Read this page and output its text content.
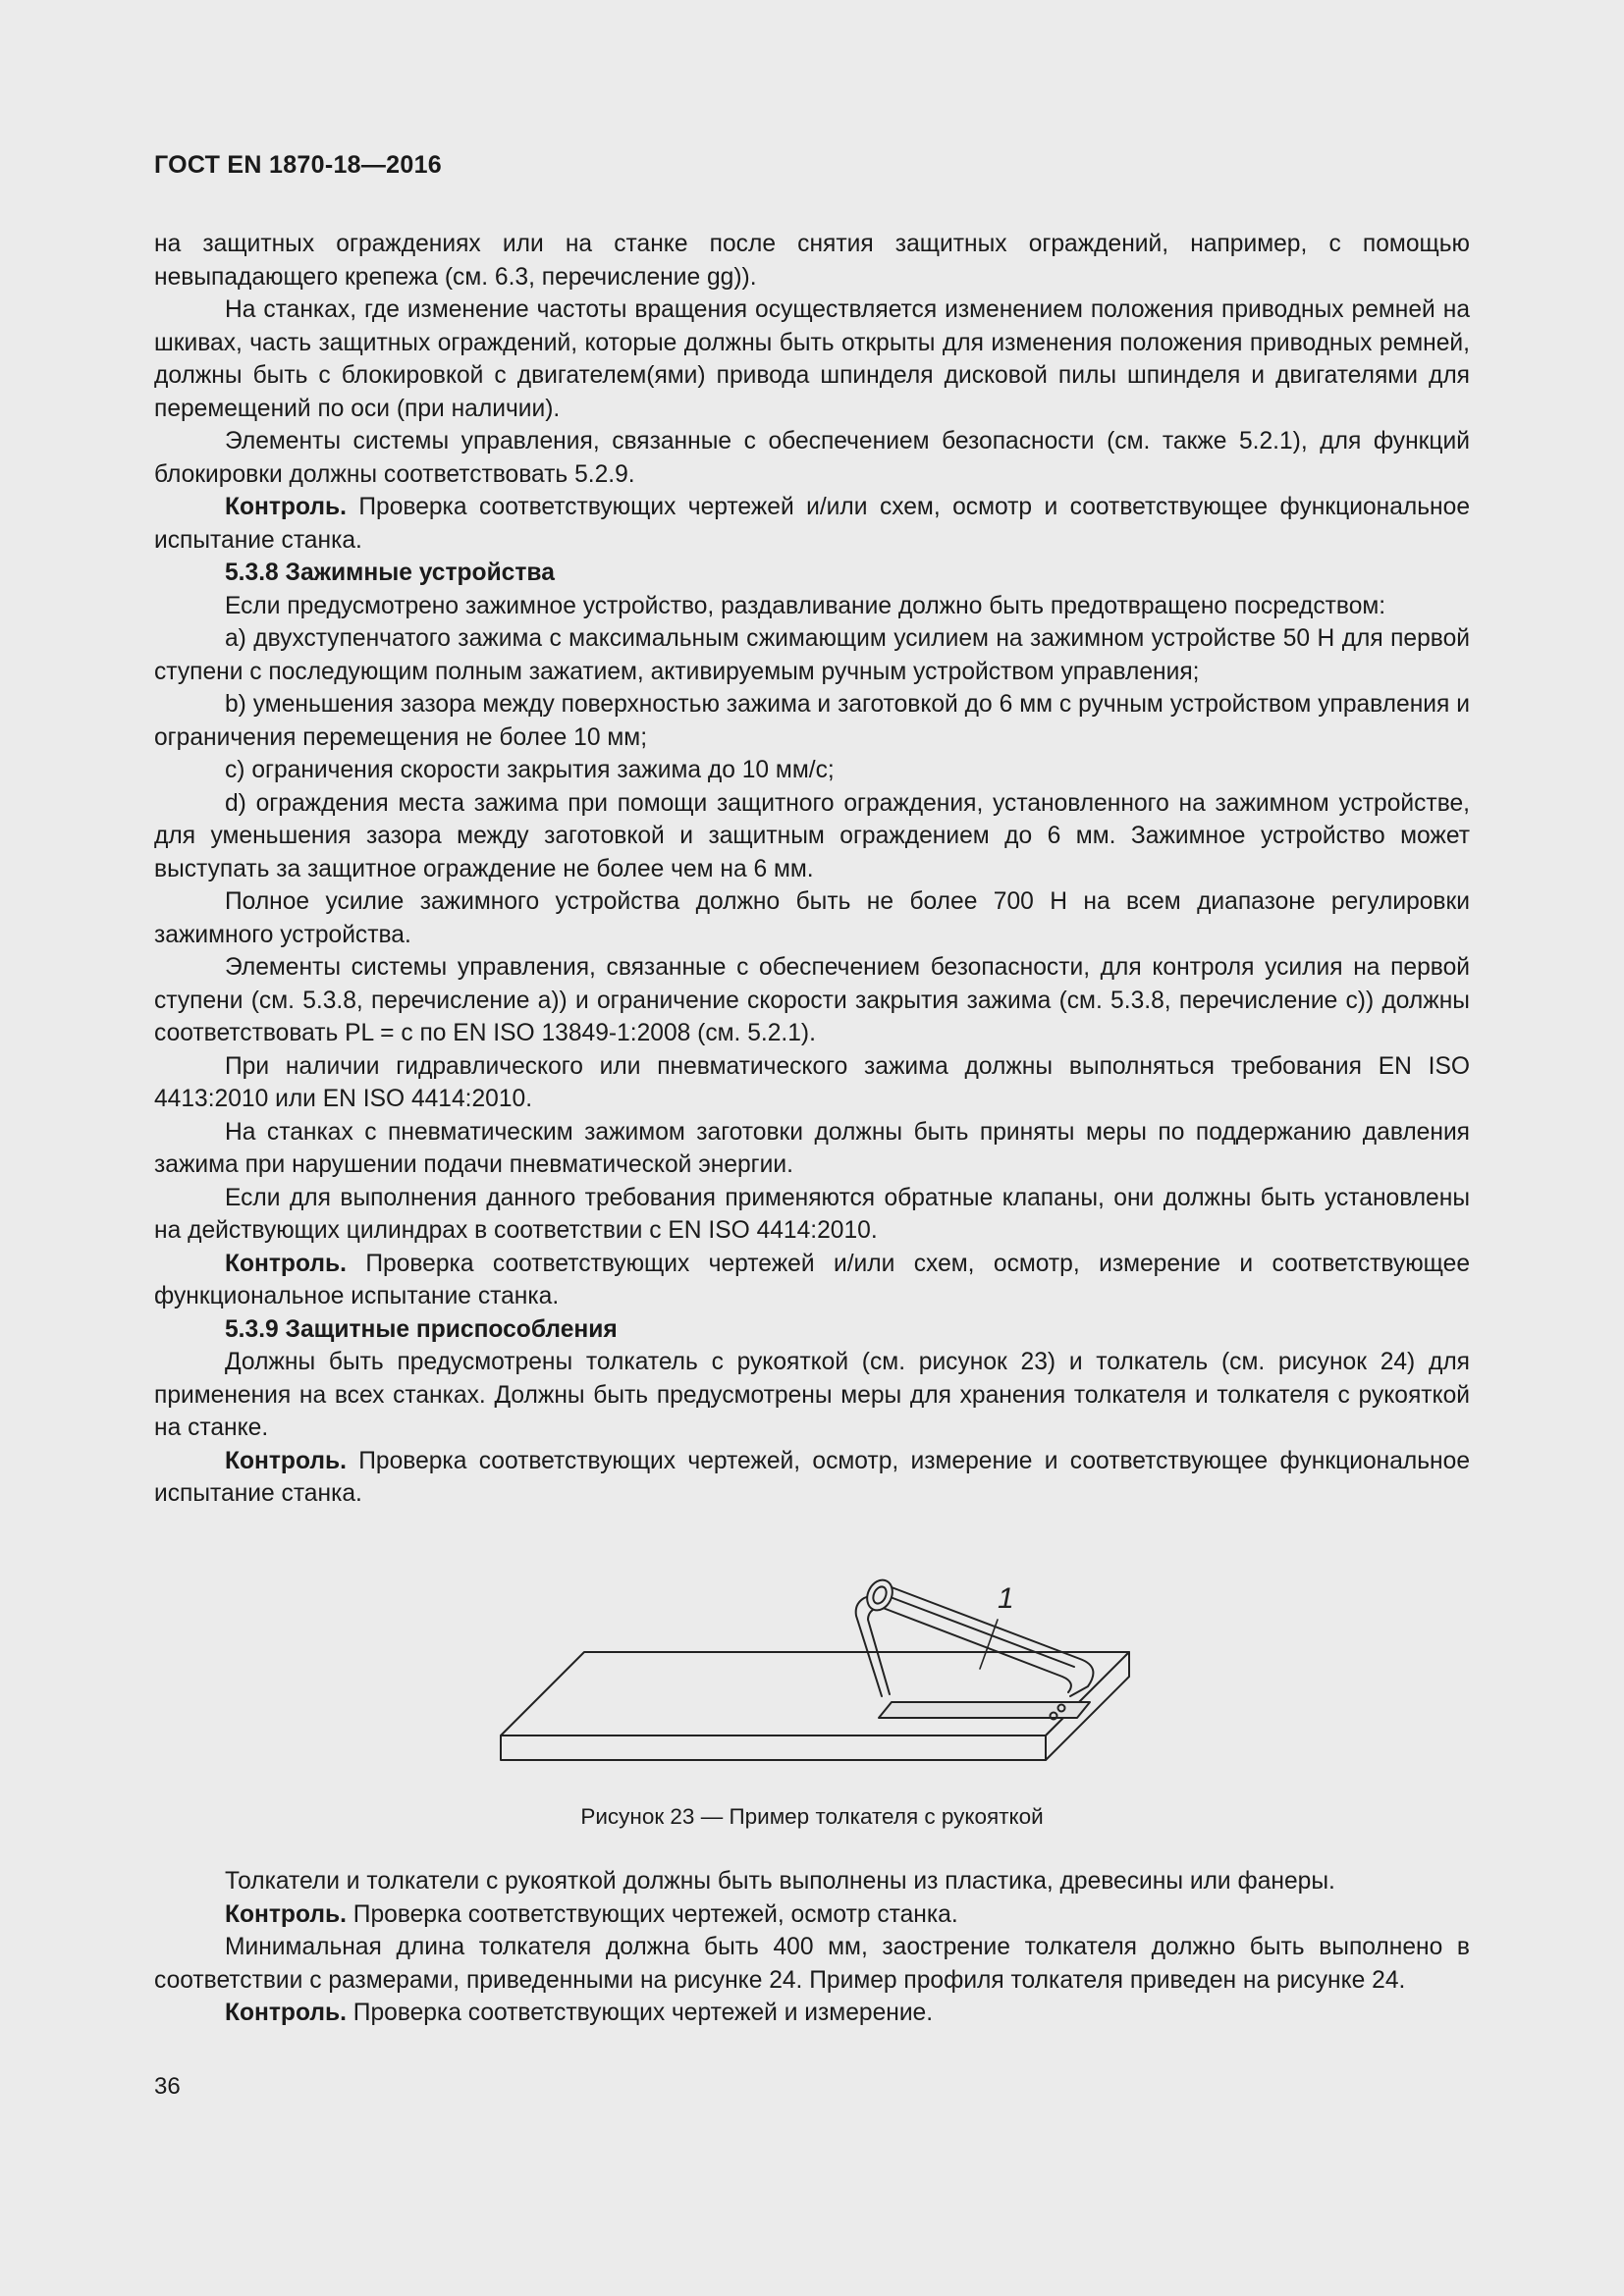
ГОСТ EN 1870-18—2016

на защитных ограждениях или на станке после снятия защитных ограждений, например, с помощью невыпадающего крепежа (см. 6.3, перечисление gg)).

На станках, где изменение частоты вращения осуществляется изменением положения приводных ремней на шкивах, часть защитных ограждений, которые должны быть открыты для изменения положения приводных ремней, должны быть с блокировкой с двигателем(ями) привода шпинделя дисковой пилы шпинделя и двигателями для перемещений по оси (при наличии).

Элементы системы управления, связанные с обеспечением безопасности (см. также 5.2.1), для функций блокировки должны соответствовать 5.2.9.

Контроль. Проверка соответствующих чертежей и/или схем, осмотр и соответствующее функциональное испытание станка.

5.3.8 Зажимные устройства

Если предусмотрено зажимное устройство, раздавливание должно быть предотвращено посредством:

a) двухступенчатого зажима с максимальным сжимающим усилием на зажимном устройстве 50 Н для первой ступени с последующим полным зажатием, активируемым ручным устройством управления;

b) уменьшения зазора между поверхностью зажима и заготовкой до 6 мм с ручным устройством управления и ограничения перемещения не более 10 мм;

c) ограничения скорости закрытия зажима до 10 мм/с;

d) ограждения места зажима при помощи защитного ограждения, установленного на зажимном устройстве, для уменьшения зазора между заготовкой и защитным ограждением до 6 мм. Зажимное устройство может выступать за защитное ограждение не более чем на 6 мм.

Полное усилие зажимного устройства должно быть не более 700 Н на всем диапазоне регулировки зажимного устройства.

Элементы системы управления, связанные с обеспечением безопасности, для контроля усилия на первой ступени (см. 5.3.8, перечисление a)) и ограничение скорости закрытия зажима (см. 5.3.8, перечисление c)) должны соответствовать PL = c по EN ISO 13849-1:2008 (см. 5.2.1).

При наличии гидравлического или пневматического зажима должны выполняться требования EN ISO 4413:2010 или EN ISO 4414:2010.

На станках с пневматическим зажимом заготовки должны быть приняты меры по поддержанию давления зажима при нарушении подачи пневматической энергии.

Если для выполнения данного требования применяются обратные клапаны, они должны быть установлены на действующих цилиндрах в соответствии с EN ISO 4414:2010.

Контроль. Проверка соответствующих чертежей и/или схем, осмотр, измерение и соответствующее функциональное испытание станка.

5.3.9 Защитные приспособления

Должны быть предусмотрены толкатель с рукояткой (см. рисунок 23) и толкатель (см. рисунок 24) для применения на всех станках. Должны быть предусмотрены меры для хранения толкателя и толкателя с рукояткой на станке.

Контроль. Проверка соответствующих чертежей, осмотр, измерение и соответствующее функциональное испытание станка.

1
Рисунок 23 — Пример толкателя с рукояткой

Толкатели и толкатели с рукояткой должны быть выполнены из пластика, древесины или фанеры.

Контроль. Проверка соответствующих чертежей, осмотр станка.

Минимальная длина толкателя должна быть 400 мм, заострение толкателя должно быть выполнено в соответствии с размерами, приведенными на рисунке 24. Пример профиля толкателя приведен на рисунке 24.

Контроль. Проверка соответствующих чертежей и измерение.

36
